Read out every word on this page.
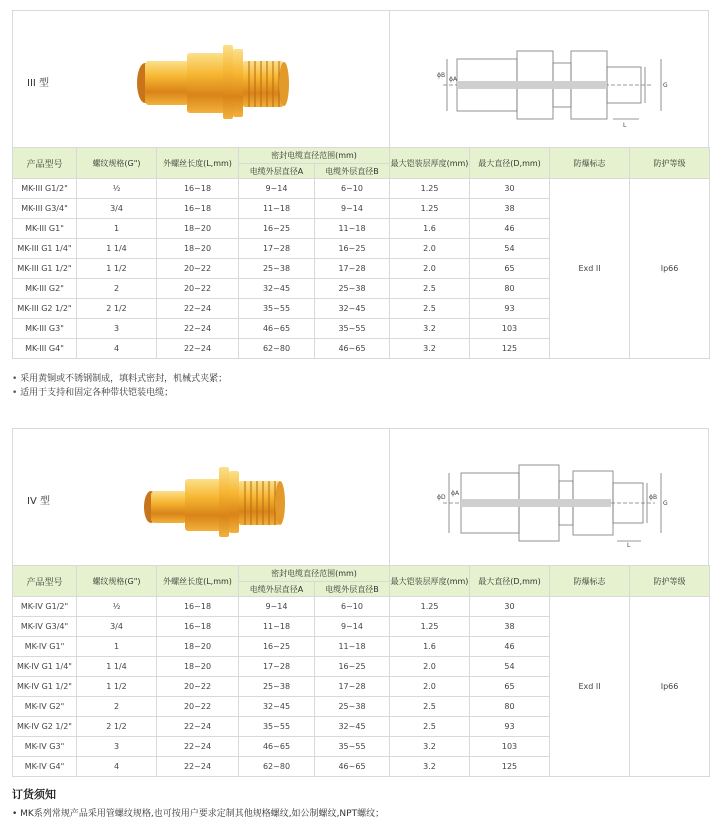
III 型
ϕB
ϕA
G
L
产品型号	螺纹规格(G")	外螺丝长度(L,mm)	密封电缆直径范围(mm)		最大铠装层厚度(mm)	最大直径(D,mm)	防爆标志	防护等级
			电缆外层直径A	电缆外层直径B				
MK-III G1/2"	½	16~18	9~14	6~10	1.25	30	Exd II	Ip66
MK-III G3/4"	3/4	16~18	11~18	9~14	1.25	38		
MK-III G1"	1	18~20	16~25	11~18	1.6	46		
MK-III G1 1/4"	1 1/4	18~20	17~28	16~25	2.0	54		
MK-III G1 1/2"	1 1/2	20~22	25~38	17~28	2.0	65		
MK-III G2"	2	20~22	32~45	25~38	2.5	80		
MK-III G2 1/2"	2 1/2	22~24	35~55	32~45	2.5	93		
MK-III G3"	3	22~24	46~65	35~55	3.2	103		
MK-III G4"	4	22~24	62~80	46~65	3.2	125		
• 采用黄铜或不锈钢制成，填料式密封，机械式夹紧；
• 适用于支持和固定各种带状铠装电缆；
IV 型	ϕD
ϕA
ϕB
G
L
产品型号	螺纹规格(G")	外螺丝长度(L,mm)	密封电缆直径范围(mm)		最大铠装层厚度(mm)	最大直径(D,mm)	防爆标志	防护等级
			电缆外层直径A	电缆外层直径B				
MK-IV G1/2"	½	16~18	9~14	6~10	1.25	30	Exd II	Ip66
MK-IV G3/4"	3/4	16~18	11~18	9~14	1.25	38		
MK-IV G1"	1	18~20	16~25	11~18	1.6	46		
MK-IV G1 1/4"	1 1/4	18~20	17~28	16~25	2.0	54		
MK-IV G1 1/2"	1 1/2	20~22	25~38	17~28	2.0	65		
MK-IV G2"	2	20~22	32~45	25~38	2.5	80		
MK-IV G2 1/2"	2 1/2	22~24	35~55	32~45	2.5	93		
MK-IV G3"	3	22~24	46~65	35~55	3.2	103		
MK-IV G4"	4	22~24	62~80	46~65	3.2	125		
订货须知
• MK系列常规产品采用管螺纹规格,也可按用户要求定制其他规格螺纹,如公制螺纹,NPT螺纹；
